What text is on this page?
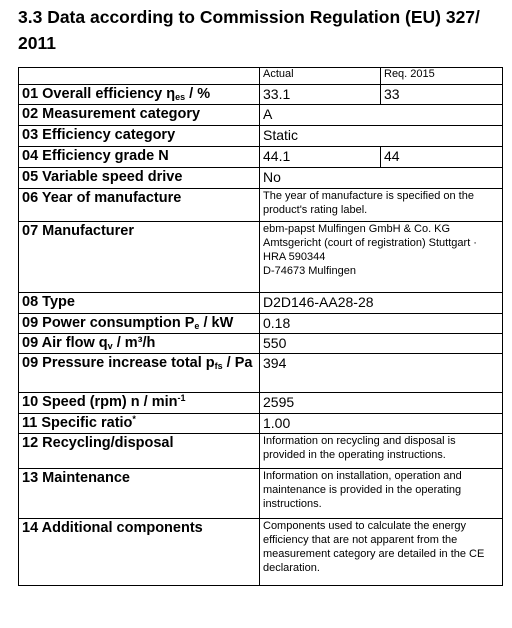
3.3 Data according to Commission Regulation (EU) 327/ 2011
	Actual	Req. 2015
01 Overall efficiency $\eta_{es}$ / %	33.1	33
02 Measurement category	A	
03 Efficiency category	Static	
04 Efficiency grade N	44.1	44
05 Variable speed drive	No	
06 Year of manufacture	The year of manufacture is specified on the product's rating label.	
07 Manufacturer	ebm-papst Mulfingen GmbH & Co. KG
Amtsgericht (court of registration) Stuttgart ·
HRA 590344
D-74673 Mulfingen	

08 Type	D2D146-AA28-28	
09 Power consumption $P_e$ / kW	0.18	
09 Air flow $q_v / m^3/h$	550	
09 Pressure increase total $p_{fs}$ / Pa	394	
10 Speed (rpm) n / $\min^{-1}$	2595	
11 Specific ratio*	1.00	
12 Recycling/disposal	Information on recycling and disposal is provided in the operating instructions.	
13 Maintenance	Information on installation, operation and maintenance is provided in the operating instructions.	
14 Additional components	Components used to calculate the energy efficiency that are not apparent from the measurement category are detailed in the CE declaration.	
